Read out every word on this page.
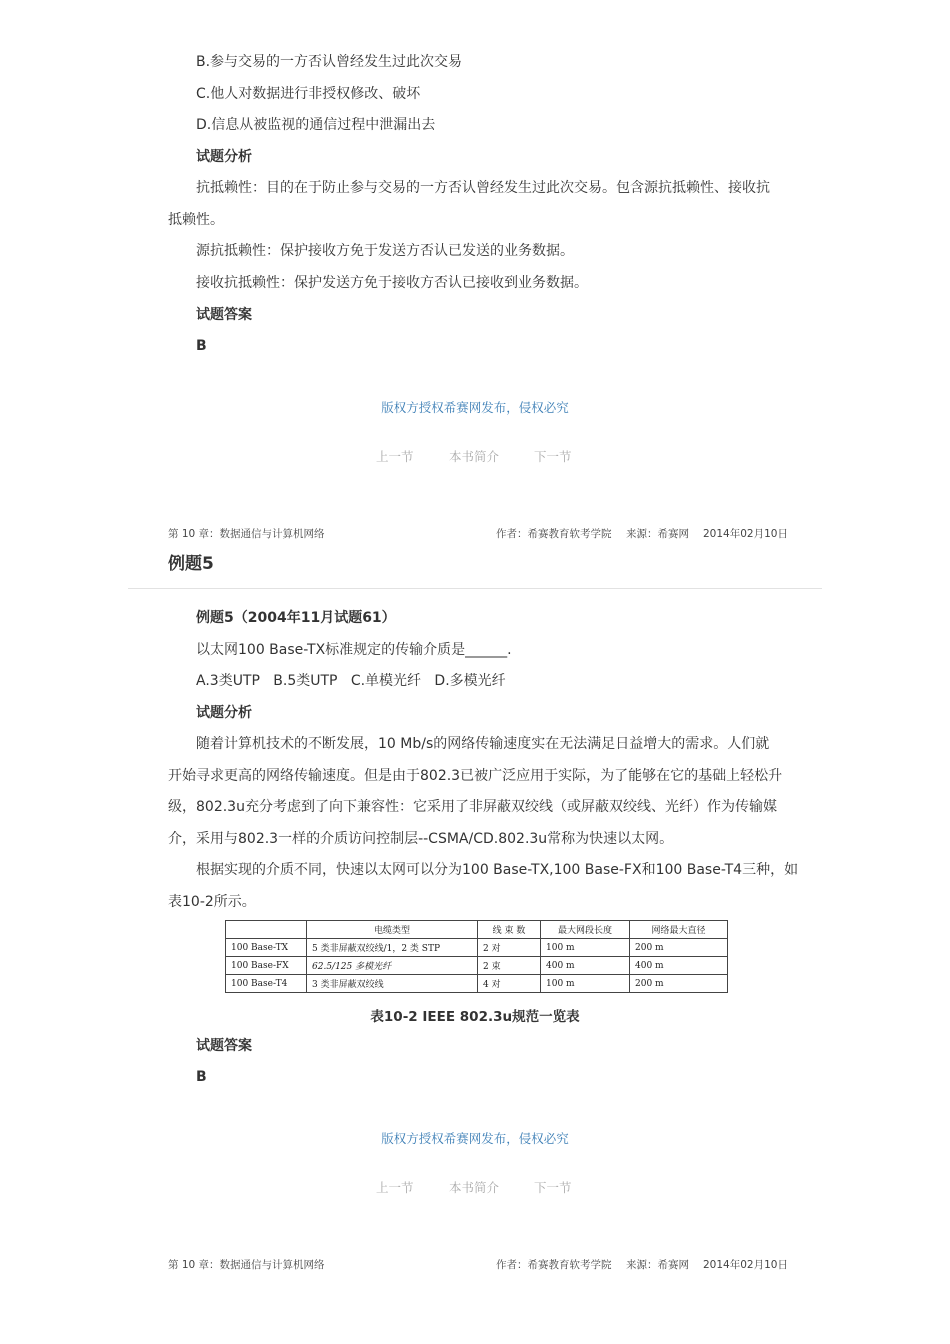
B.参与交易的一方否认曾经发生过此次交易
C.他人对数据进行非授权修改、破坏
D.信息从被监视的通信过程中泄漏出去
试题分析
抗抵赖性：目的在于防止参与交易的一方否认曾经发生过此次交易。包含源抗抵赖性、接收抗
抵赖性。
源抗抵赖性：保护接收方免于发送方否认已发送的业务数据。
接收抗抵赖性：保护发送方免于接收方否认已接收到业务数据。
试题答案
B
版权方授权希赛网发布，侵权必究
上一节	本书简介	下一节
第 10 章：数据通信与计算机网络	作者：希赛教育软考学院 来源：希赛网 2014年02月10日
例题5
例题5（2004年11月试题61）
以太网100 Base-TX标准规定的传输介质是______.
A.3类UTP   B.5类UTP   C.单模光纤   D.多模光纤
试题分析
随着计算机技术的不断发展，10 Mb/s的网络传输速度实在无法满足日益增大的需求。人们就
开始寻求更高的网络传输速度。但是由于802.3已被广泛应用于实际，为了能够在它的基础上轻松升
级，802.3u充分考虑到了向下兼容性：它采用了非屏蔽双绞线（或屏蔽双绞线、光纤）作为传输媒
介，采用与802.3一样的介质访问控制层--CSMA/CD.802.3u常称为快速以太网。
根据实现的介质不同，快速以太网可以分为100 Base-TX,100 Base-FX和100 Base-T4三种，如
表10-2所示。
	电缆类型	线 束 数	最大网段长度	网络最大直径
100 Base-TX	5 类非屏蔽双绞线/1，2 类 STP	2 对	100 m	200 m
100 Base-FX	62.5/125 多模光纤	2 束	400 m	400 m
100 Base-T4	3 类非屏蔽双绞线	4 对	100 m	200 m
表10-2 IEEE 802.3u规范一览表
试题答案
B
版权方授权希赛网发布，侵权必究
上一节	本书简介	下一节
第 10 章：数据通信与计算机网络	作者：希赛教育软考学院 来源：希赛网 2014年02月10日
